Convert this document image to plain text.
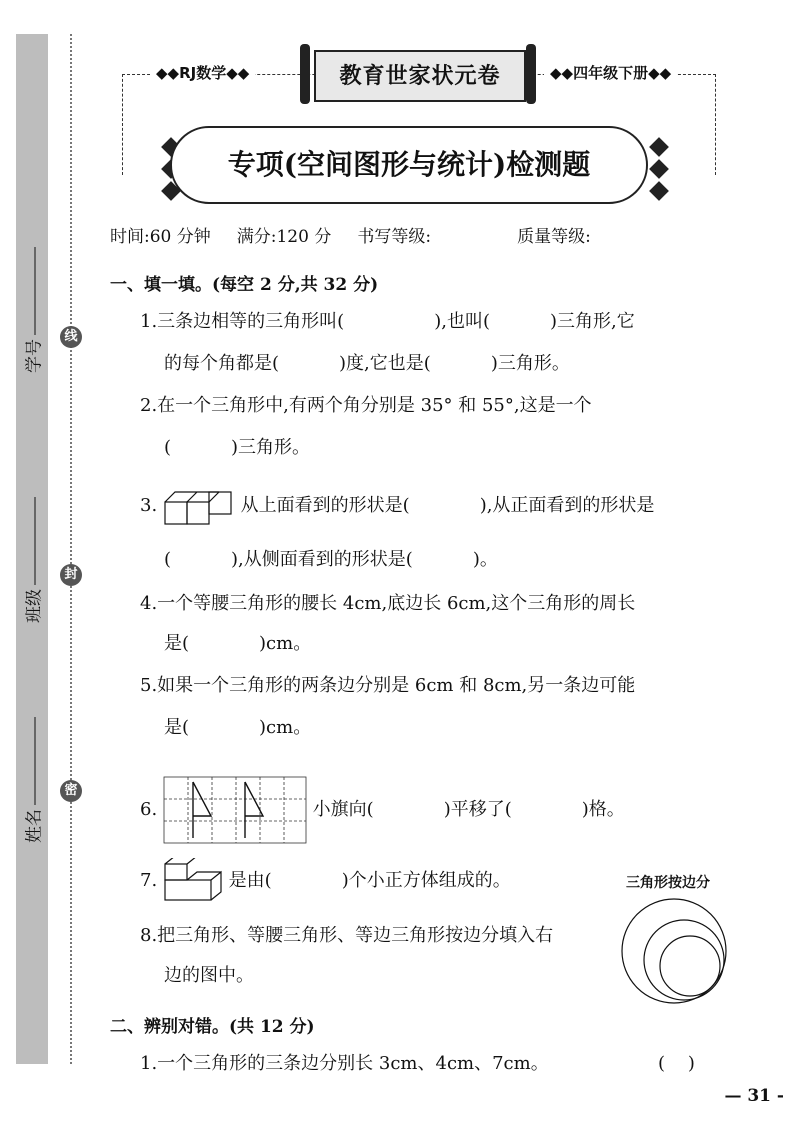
学号
班级
姓名
线
封
密
◆◆RJ数学◆◆	◆◆四年级下册◆◆
教育世家状元卷
专项(空间图形与统计)检测题
时间:60 分钟 满分:120 分 书写等级:	质量等级:
一、填一填。(每空 2 分,共 32 分)
1.三条边相等的三角形叫(	),也叫(	)三角形,它
的每个角都是(	)度,它也是(	)三角形。
2.在一个三角形中,有两个角分别是 35° 和 55°,这是一个
(	)三角形。
3.	从上面看到的形状是(	),从正面看到的形状是
(	),从侧面看到的形状是(	)。
4.一个等腰三角形的腰长 4cm,底边长 6cm,这个三角形的周长
是(	)cm。
5.如果一个三角形的两条边分别是 6cm 和 8cm,另一条边可能
是(	)cm。
6.	小旗向(	)平移了(	)格。
7.	是由(	)个小正方体组成的。
8.把三角形、等腰三角形、等边三角形按边分填入右
边的图中。
三角形按边分
二、辨别对错。(共 12 分)
1.一个三角形的三条边分别长 3cm、4cm、7cm。	(    )
— 31 -
